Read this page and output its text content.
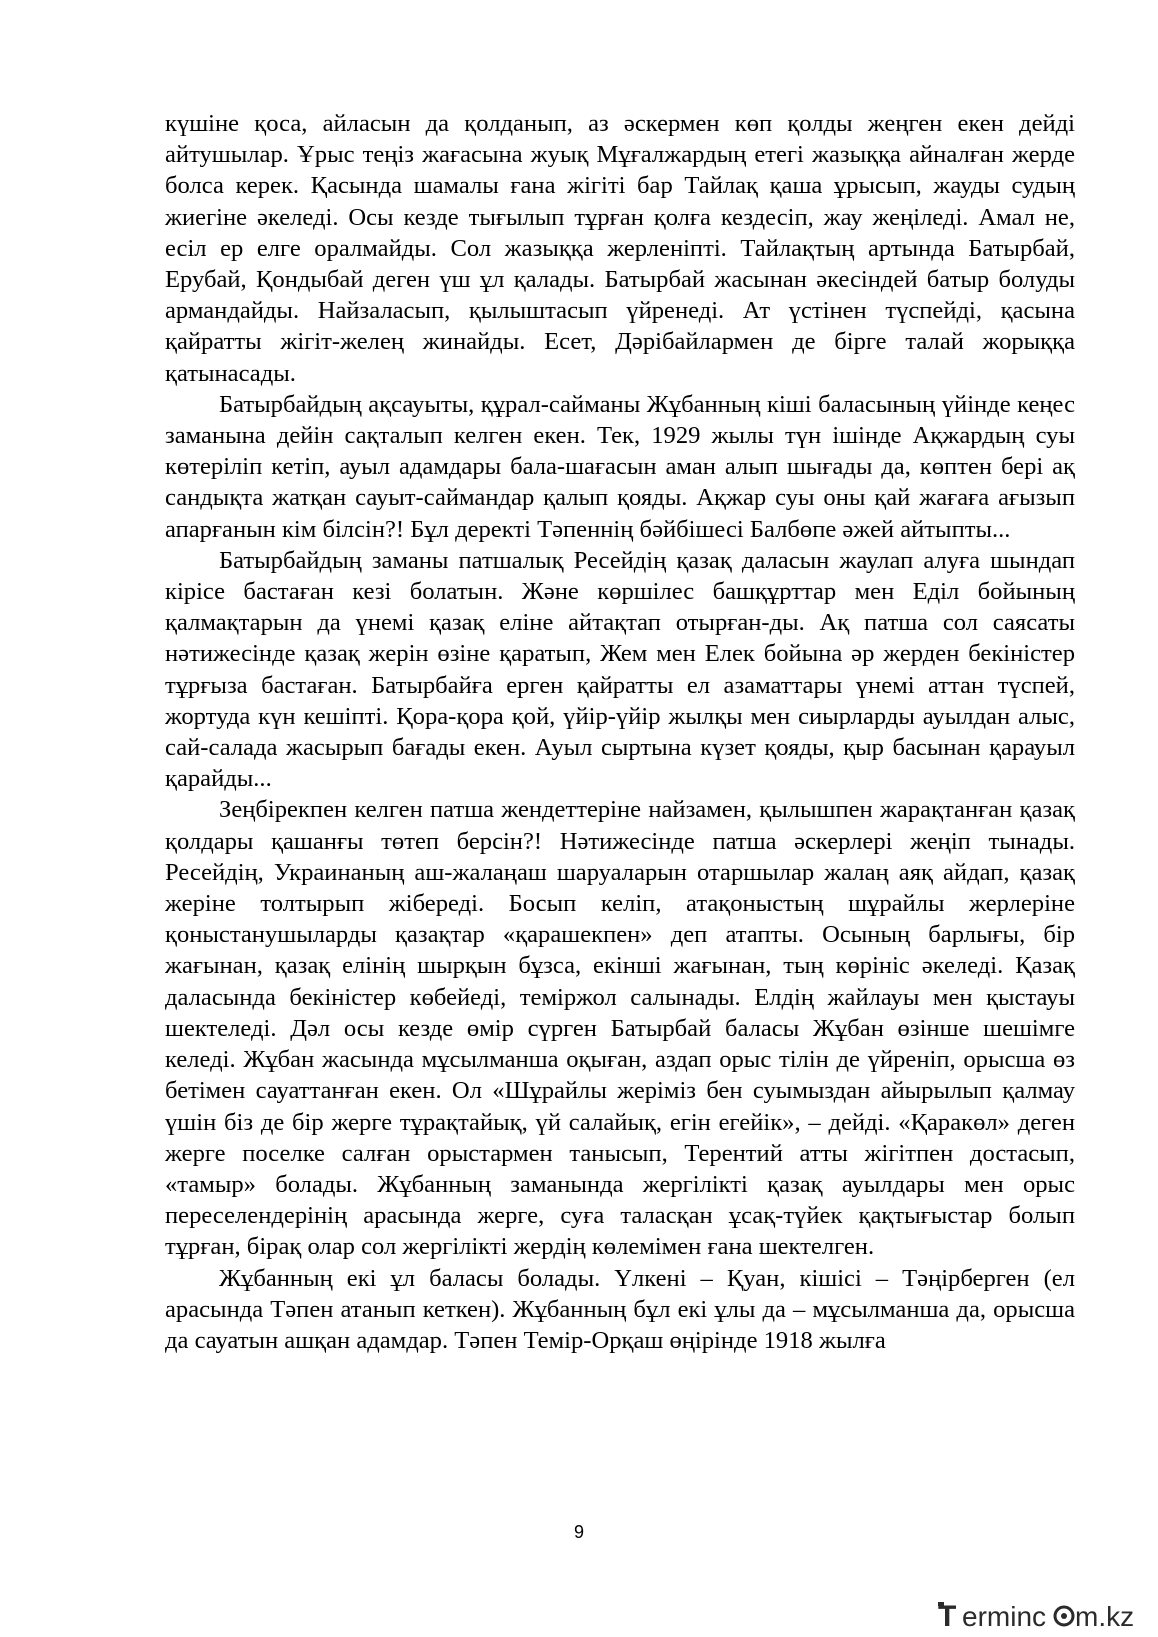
күшіне қоса, айласын да қолданып, аз әскермен көп қолды жеңген екен дейді айтушылар. Ұрыс теңіз жағасына жуық Мұғалжардың етегі жазыққа айналған жерде болса керек. Қасында шамалы ғана жігіті бар Тайлақ қаша ұрысып, жауды судың жиегіне әкеледі. Осы кезде тығылып тұрған қолға кездесіп, жау жеңіледі. Амал не, есіл ер елге оралмайды. Сол жазыққа жерленіпті. Тайлақтың артында Батырбай, Ерубай, Қондыбай деген үш ұл қалады. Батырбай жасынан әкесіндей батыр болуды армандайды. Найзаласып, қылыштасып үйренеді. Ат үстінен түспейді, қасына қайратты жігіт-желең жинайды. Есет, Дәрібайлармен де бірге талай жорыққа қатынасады.

Батырбайдың ақсауыты, құрал-сайманы Жұбанның кіші баласының үйінде кеңес заманына дейін сақталып келген екен. Тек, 1929 жылы түн ішінде Ақжардың суы көтеріліп кетіп, ауыл адамдары бала-шағасын аман алып шығады да, көптен бері ақ сандықта жатқан сауыт-саймандар қалып қояды. Ақжар суы оны қай жағаға ағызып апарғанын кім білсін?! Бұл деректі Тәпеннің бәйбішесі Балбөпе әжей айтыпты...

Батырбайдың заманы патшалық Ресейдің қазақ даласын жаулап алуға шындап кірісе бастаған кезі болатын. Және көршілес башқұрттар мен Еділ бойының қалмақтарын да үнемі қазақ еліне айтақтап отырған-ды. Ақ патша сол саясаты нәтижесінде қазақ жерін өзіне қаратып, Жем мен Елек бойына әр жерден бекіністер тұрғыза бастаған. Батырбайға ерген қайратты ел азаматтары үнемі аттан түспей, жортуда күн кешіпті. Қора-қора қой, үйір-үйір жылқы мен сиырларды ауылдан алыс, сай-салада жасырып бағады екен. Ауыл сыртына күзет қояды, қыр басынан қарауыл қарайды...

Зеңбірекпен келген патша жендеттеріне найзамен, қылышпен жарақтанған қазақ қолдары қашанғы төтеп берсін?! Нәтижесінде патша әскерлері жеңіп тынады. Ресейдің, Украинаның аш-жалаңаш шаруаларын отаршылар жалаң аяқ айдап, қазақ жеріне толтырып жібереді. Босып келіп, атақоныстың шұрайлы жерлеріне қоныстанушыларды қазақтар «қарашекпен» деп атапты. Осының барлығы, бір жағынан, қазақ елінің шырқын бұзса, екінші жағынан, тың көрініс әкеледі. Қазақ даласында бекіністер көбейеді, теміржол салынады. Елдің жайлауы мен қыстауы шектеледі. Дәл осы кезде өмір сүрген Батырбай баласы Жұбан өзінше шешімге келеді. Жұбан жасында мұсылманша оқыған, аздап орыс тілін де үйреніп, орысша өз бетімен сауаттанған екен. Ол «Шұрайлы жеріміз бен суымыздан айырылып қалмау үшін біз де бір жерге тұрақтайық, үй салайық, егін егейік», – дейді. «Қаракөл» деген жерге поселке салған орыстармен танысып, Терентий атты жігітпен достасып, «тамыр» болады. Жұбанның заманында жергілікті қазақ ауылдары мен орыс переселендерінің арасында жерге, суға таласқан ұсақ-түйек қақтығыстар болып тұрған, бірақ олар сол жергілікті жердің көлемімен ғана шектелген.

Жұбанның екі ұл баласы болады. Үлкені – Қуан, кішісі – Тәңірберген (ел арасында Тәпен атанып кеткен). Жұбанның бұл екі ұлы да – мұсылманша да, орысша да сауатын ашқан адамдар. Тәпен Темір-Орқаш өңірінде 1918 жылға

9
T erminc m.kz
